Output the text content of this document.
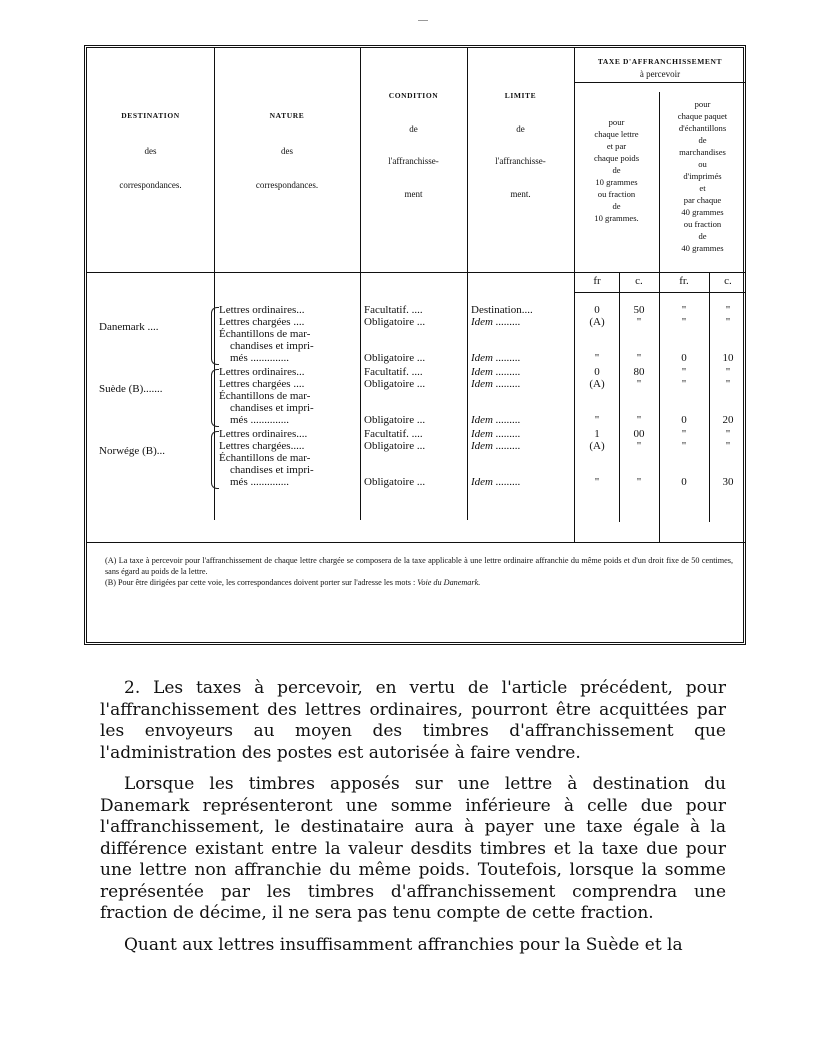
DESTINATION
des
correspondances.
NATURE
des
correspondances.
CONDITION
de
l'affranchisse-
ment
LIMITE
de
l'affranchisse-
ment.
TAXE D'AFFRANCHISSEMENT
à percevoir
pour
chaque lettre
et par
chaque poids
de
10 grammes
ou fraction
de
10 grammes.
pour
chaque paquet
d'échantillons
de
marchandises
ou
d'imprimés
et
par chaque
40 grammes
ou fraction
de
40 grammes
fr	c.	fr.	c.
Danemark ....
Lettres ordinaires...	Facultatif. ....	Destination....	0	50	"	"
Lettres chargées ....	Obligatoire ...	Idem .........	(A)	"	"	"
Échantillons de mar-
chandises et impri-
més ..............	Obligatoire ...	Idem .........	"	"	0	10
Suède (B).......
Lettres ordinaires...	Facultatif. ....	Idem .........	0	80	"	"
Lettres chargées ....	Obligatoire ...	Idem .........	(A)	"	"	"
Échantillons de mar-
chandises et impri-
més ..............	Obligatoire ...	Idem .........	"	"	0	20
Norwége (B)...
Lettres ordinaires....	Facultatif. ....	Idem .........	1	00	"	"
Lettres chargées.....	Obligatoire ...	Idem .........	(A)	"	"	"
Échantillons de mar-
chandises et impri-
més ..............	Obligatoire ...	Idem .........	"	"	0	30
(A) La taxe à percevoir pour l'affranchissement de chaque lettre chargée se composera de la taxe applicable à une lettre ordinaire affranchie du même poids et d'un droit fixe de 50 centimes, sans égard au poids de la lettre.
(B) Pour être dirigées par cette voie, les correspondances doivent porter sur l'adresse les mots : Voie du Danemark.

2. Les taxes à percevoir, en vertu de l'article précédent, pour l'affranchissement des lettres ordinaires, pourront être acquittées par les envoyeurs au moyen des timbres d'affranchissement que l'administration des postes est autorisée à faire vendre.

Lorsque les timbres apposés sur une lettre à destination du Danemark représenteront une somme inférieure à celle due pour l'affranchissement, le destinataire aura à payer une taxe égale à la différence existant entre la valeur desdits timbres et la taxe due pour une lettre non affranchie du même poids. Toutefois, lorsque la somme représentée par les timbres d'affranchissement comprendra une fraction de décime, il ne sera pas tenu compte de cette fraction.

Quant aux lettres insuffisamment affranchies pour la Suède et la
